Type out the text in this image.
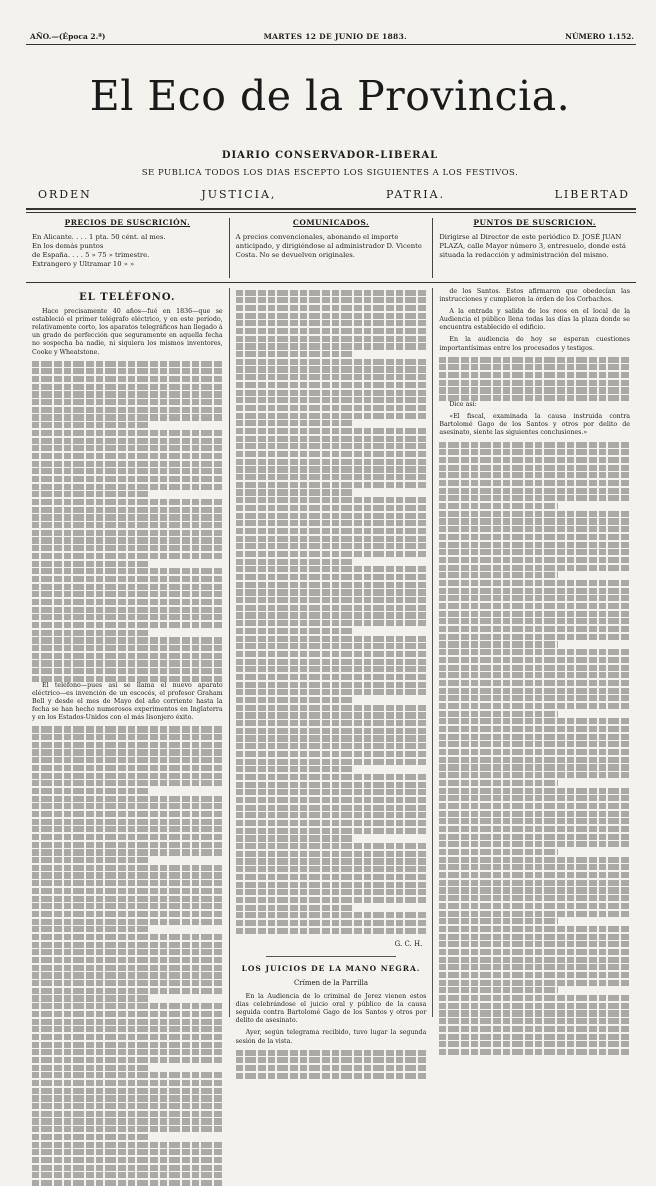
AÑO.—(Época 2.ª)	MARTES 12 DE JUNIO DE 1883.	NÚMERO 1.152.
El Eco de la Provincia.
DIARIO CONSERVADOR-LIBERAL
SE PUBLICA TODOS LOS DIAS ESCEPTO LOS SIGUIENTES A LOS FESTIVOS.
ORDEN	JUSTICIA,	PATRIA.	LIBERTAD
PRECIOS DE SUSCRICIÓN.
En Alicante. . . . 1 pta. 50 cént. al mes.
En los demás puntos
de España. . . . 5 » 75 » trimestre.
Extrangero y Ultramar 10 » »
COMUNICADOS.
A precios convencionales, abonando el importe anticipado, y dirigiéndose al administrador D. Vicente Costa. No se devuelven originales.
PUNTOS DE SUSCRICION.
Dirigirse al Director de este periódico D. JOSÉ JUAN PLAZA, calle Mayor número 3, entresuelo, donde está situada la redacción y administración del mismo.
EL TELÉFONO.

Hace precisamente 40 años—fué en 1836—que se estableció el primer telégrafo eléctrico, y en este período, relativamente corto, los aparatos telegráficos han llegado á un grado de perfección que seguramente en aquella fecha no sospecha ba nadie, ni siquiera los mismos inventores, Cooke y Wheatstone.

El teléfono—pues así se llama el nuevo aparato eléctrico—es invención de un escocés, el profesor Graham Bell y desde el mes de Mayo del año corriente hasta la fecha se han hecho numerosos experimentos en Inglaterra y en los Estados-Unidos con el más lisonjero éxito.

G. C. H.
LOS JUICIOS DE LA MANO NEGRA.
Crímen de la Parrilla

En la Audiencia de lo criminal de Jerez vienen estos dias celebrándose el juicio oral y público de la causa seguida contra Bartolomé Gago de los Santos y otros por delito de asesinato.

Ayer, según telegrama recibido, tuvo lugar la segunda sesión de la vista.

de los Santos. Estos afirmaron que obedecían las instrucciones y cumplieron la órden de los Corbachos.

A la entrada y salida de los reos en el local de la Audiencia el público llena todas las días la plaza donde se encuentra establecido el edificio.

En la audiencia de hoy se esperan cuestiones importantísimas entre los procesados y testigos.

Dice así:

«El fiscal, examinada la causa instruida contra Bartolomé Gago de los Santos y otros por delito de asesinato, siente las siguientes conclusiones.»
